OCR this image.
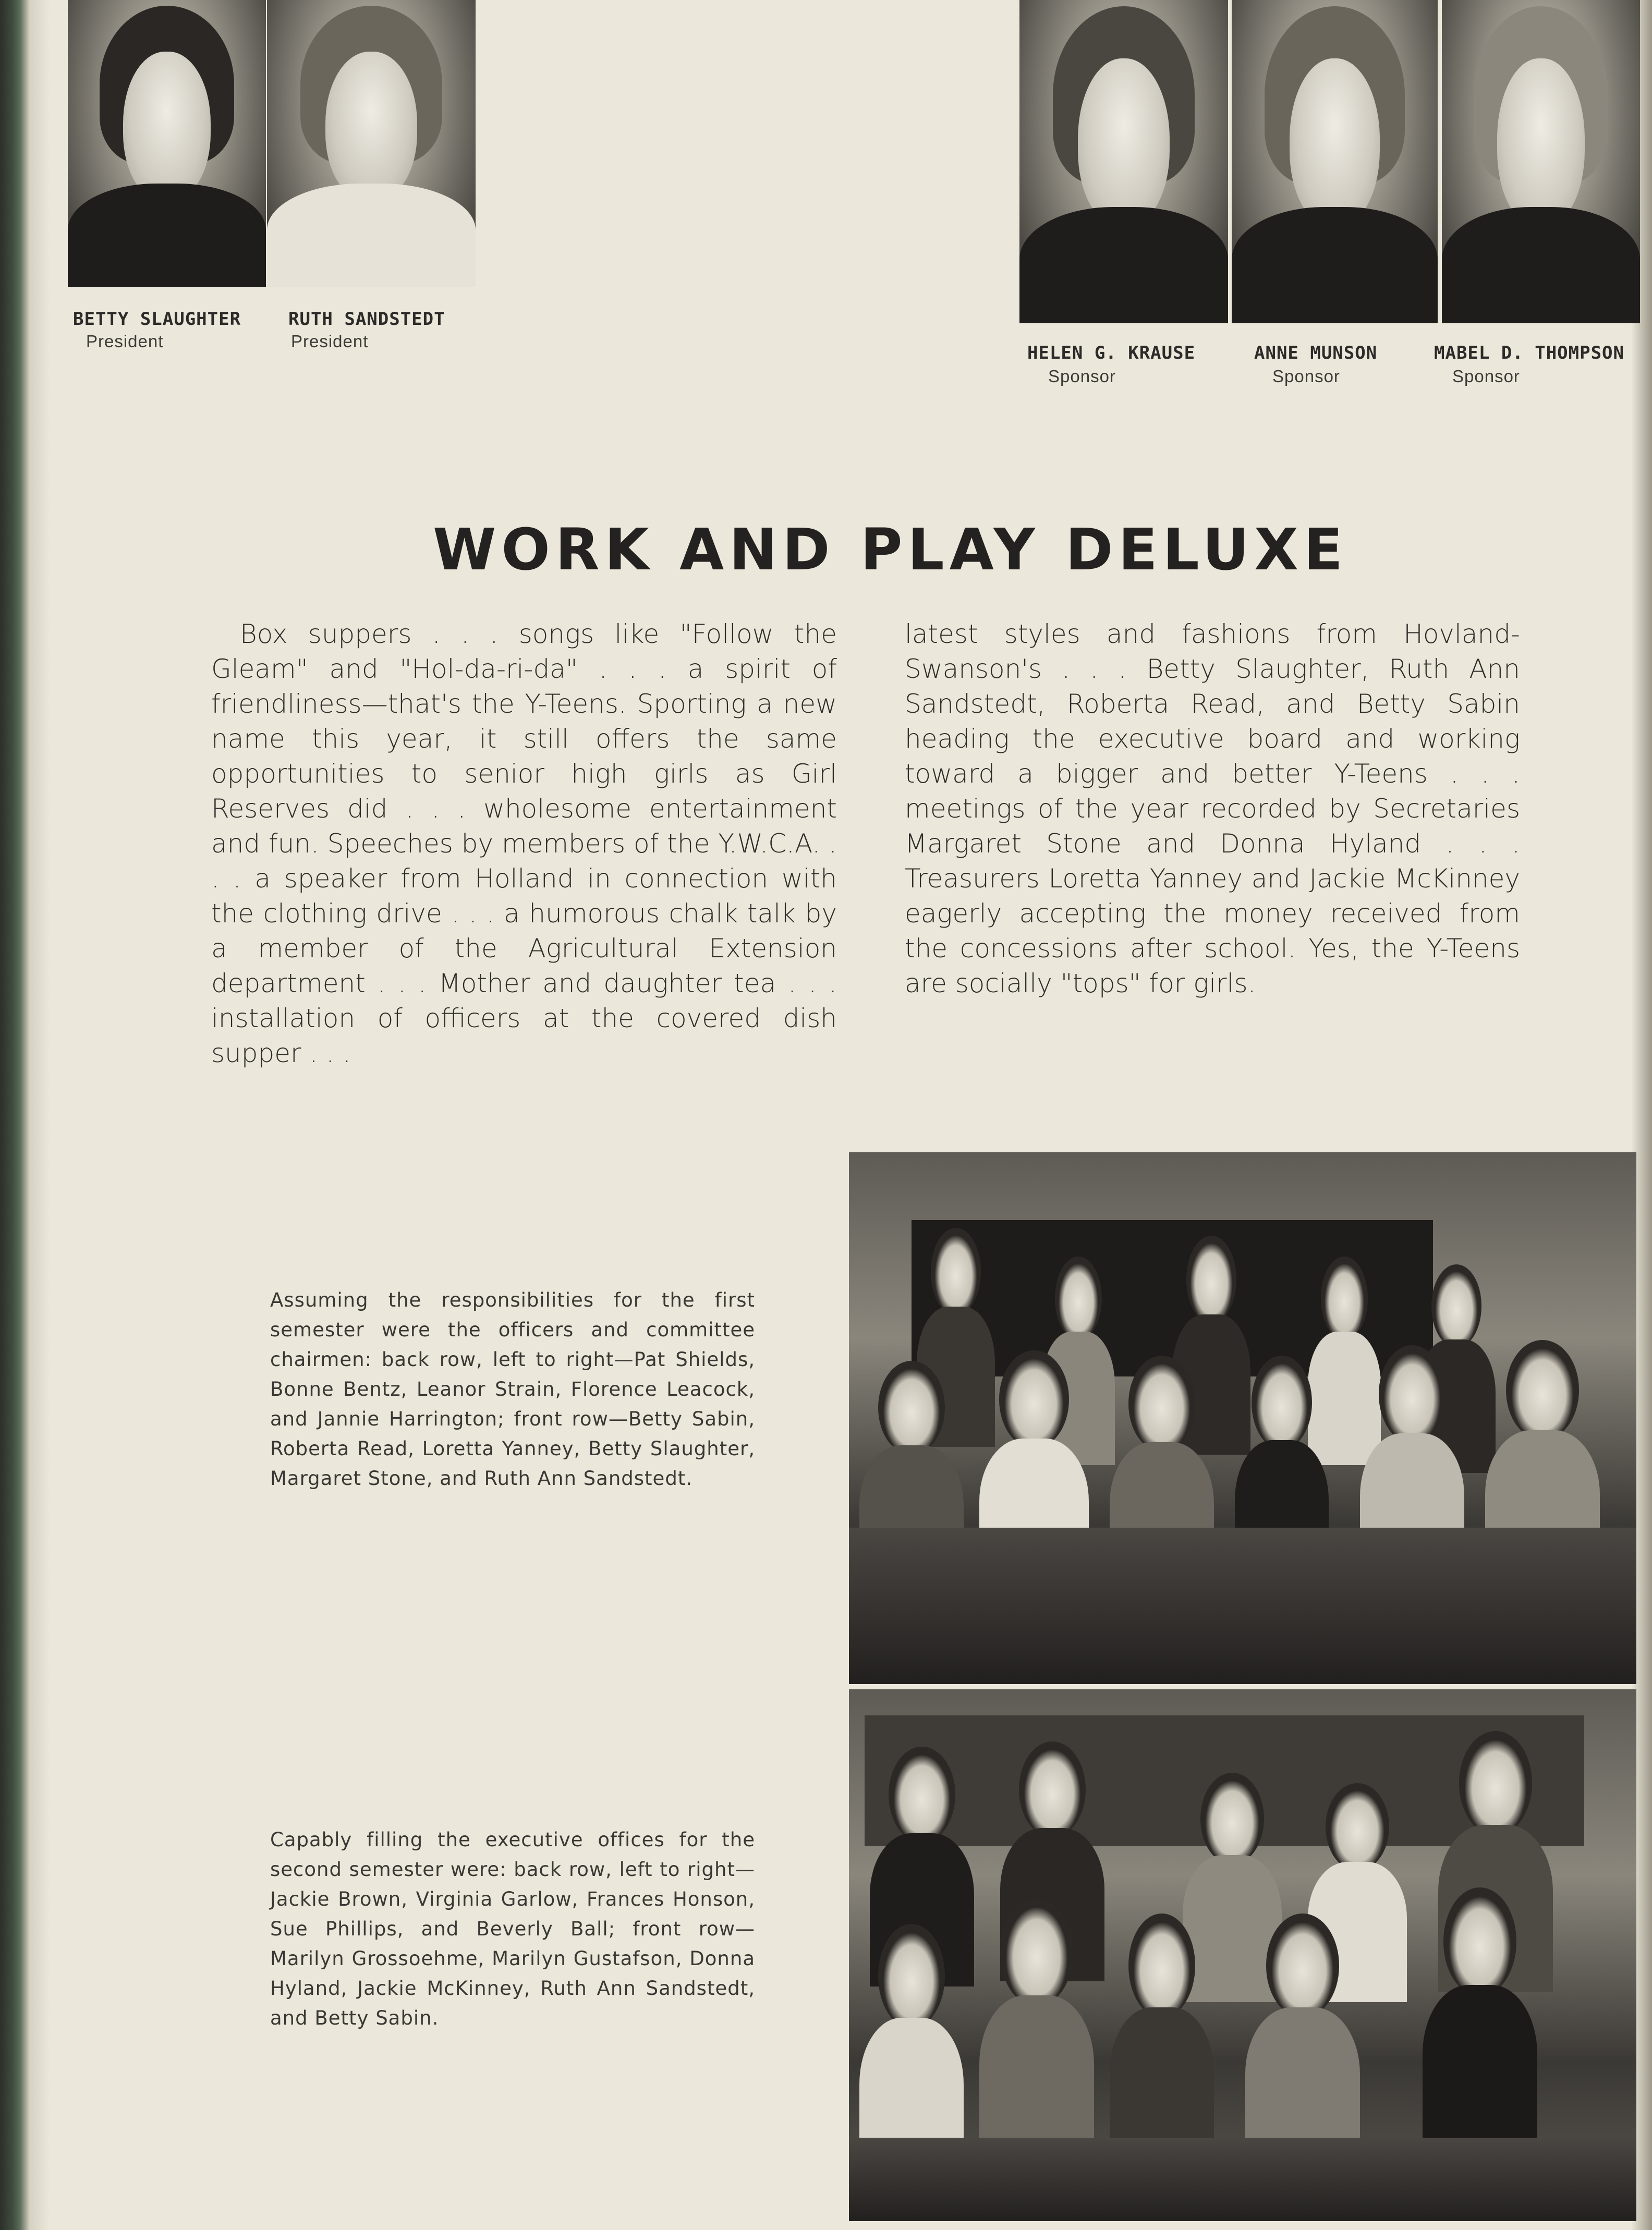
BETTY SLAUGHTER
President
RUTH SANDSTEDT
President
HELEN G. KRAUSE
Sponsor
ANNE MUNSON
Sponsor
MABEL D. THOMPSON
Sponsor
WORK AND PLAY DELUXE
Box suppers . . . songs like "Follow the Gleam" and "Hol-da-ri-da" . . . a spirit of friendliness—that's the Y-Teens. Sporting a new name this year, it still offers the same opportunities to senior high girls as Girl Reserves did . . . wholesome entertainment and fun. Speeches by members of the Y.W.C.A. . . . a speaker from Holland in connection with the clothing drive . . . a humorous chalk talk by a member of the Agricultural Extension department . . . Mother and daughter tea . . . installation of officers at the covered dish supper . . .
latest styles and fashions from Hovland-Swanson's . . . Betty Slaughter, Ruth Ann Sandstedt, Roberta Read, and Betty Sabin heading the executive board and working toward a bigger and better Y-Teens . . . meetings of the year recorded by Secretaries Margaret Stone and Donna Hyland . . . Treasurers Loretta Yanney and Jackie McKinney eagerly accepting the money received from the concessions after school. Yes, the Y-Teens are socially "tops" for girls.
Assuming the responsibilities for the first semester were the officers and committee chairmen: back row, left to right—Pat Shields, Bonne Bentz, Leanor Strain, Florence Leacock, and Jannie Harrington; front row—Betty Sabin, Roberta Read, Loretta Yanney, Betty Slaughter, Margaret Stone, and Ruth Ann Sandstedt.
Capably filling the executive offices for the second semester were: back row, left to right—Jackie Brown, Virginia Garlow, Frances Honson, Sue Phillips, and Beverly Ball; front row—Marilyn Grossoehme, Marilyn Gustafson, Donna Hyland, Jackie McKinney, Ruth Ann Sandstedt, and Betty Sabin.
